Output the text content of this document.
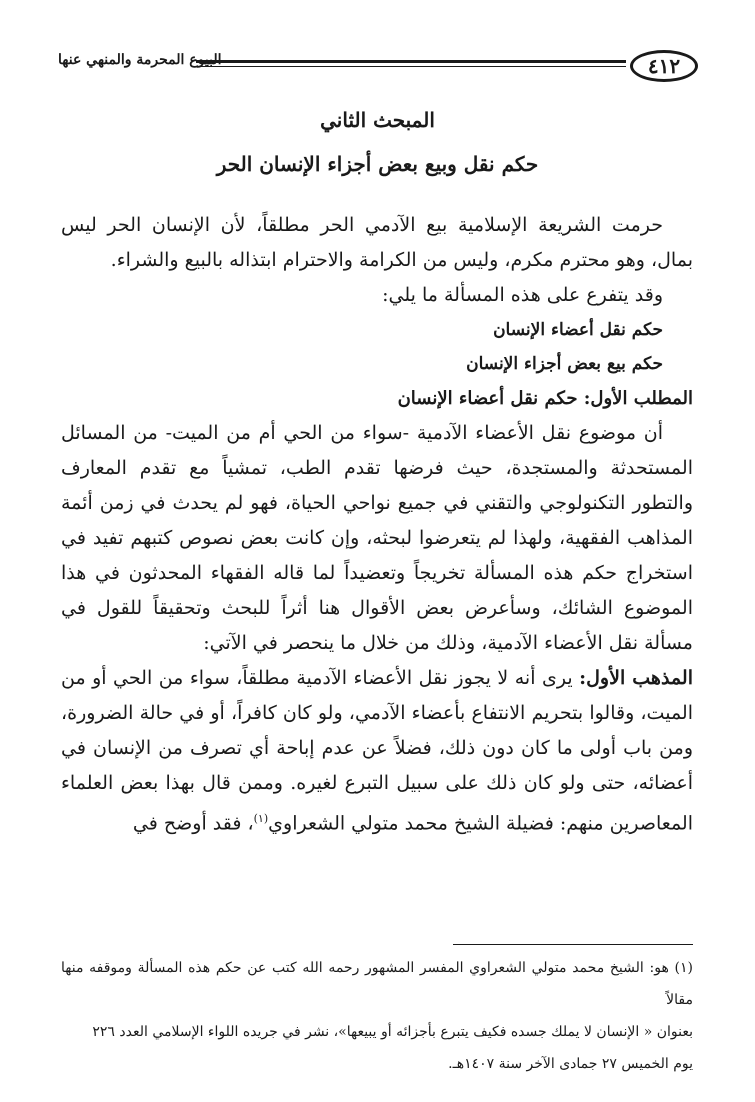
٤١٢
البيوع المحرمة والمنهي عنها
المبحث الثاني
حكم نقل وبيع بعض أجزاء الإنسان الحر

حرمت الشريعة الإسلامية بيع الآدمي الحر مطلقاً، لأن الإنسان الحر ليس بمال، وهو محترم مكرم، وليس من الكرامة والاحترام ابتذاله بالبيع والشراء.

وقد يتفرع على هذه المسألة ما يلي:

حكم نقل أعضاء الإنسان

حكم بيع بعض أجزاء الإنسان

المطلب الأول: حكم نقل أعضاء الإنسان

أن موضوع نقل الأعضاء الآدمية -سواء من الحي أم من الميت- من المسائل المستحدثة والمستجدة، حيث فرضها تقدم الطب، تمشياً مع تقدم المعارف والتطور التكنولوجي والتقني في جميع نواحي الحياة، فهو لم يحدث في زمن أئمة المذاهب الفقهية، ولهذا لم يتعرضوا لبحثه، وإن كانت بعض نصوص كتبهم تفيد في استخراج حكم هذه المسألة تخريجاً وتعضيداً لما قاله الفقهاء المحدثون في هذا الموضوع الشائك، وسأعرض بعض الأقوال هنا أثراً للبحث وتحقيقاً للقول في مسألة نقل الأعضاء الآدمية، وذلك من خلال ما ينحصر في الآتي:

المذهب الأول: يرى أنه لا يجوز نقل الأعضاء الآدمية مطلقاً، سواء من الحي أو من الميت، وقالوا بتحريم الانتفاع بأعضاء الآدمي، ولو كان كافراً، أو في حالة الضرورة، ومن باب أولى ما كان دون ذلك، فضلاً عن عدم إباحة أي تصرف من الإنسان في أعضائه، حتى ولو كان ذلك على سبيل التبرع لغيره. وممن قال بهذا بعض العلماء المعاصرين منهم: فضيلة الشيخ محمد متولي الشعراوي$^{(١)}$، فقد أوضح في

(١) هو: الشيخ محمد متولي الشعراوي المفسر المشهور رحمه الله كتب عن حكم هذه المسألة وموقفه منها مقالاً

بعنوان « الإنسان لا يملك جسده فكيف يتبرع بأجزائه أو يبيعها»، نشر في جريده اللواء الإسلامي العدد ٢٢٦

يوم الخميس ٢٧ جمادى الآخر سنة ١٤٠٧هـ.
